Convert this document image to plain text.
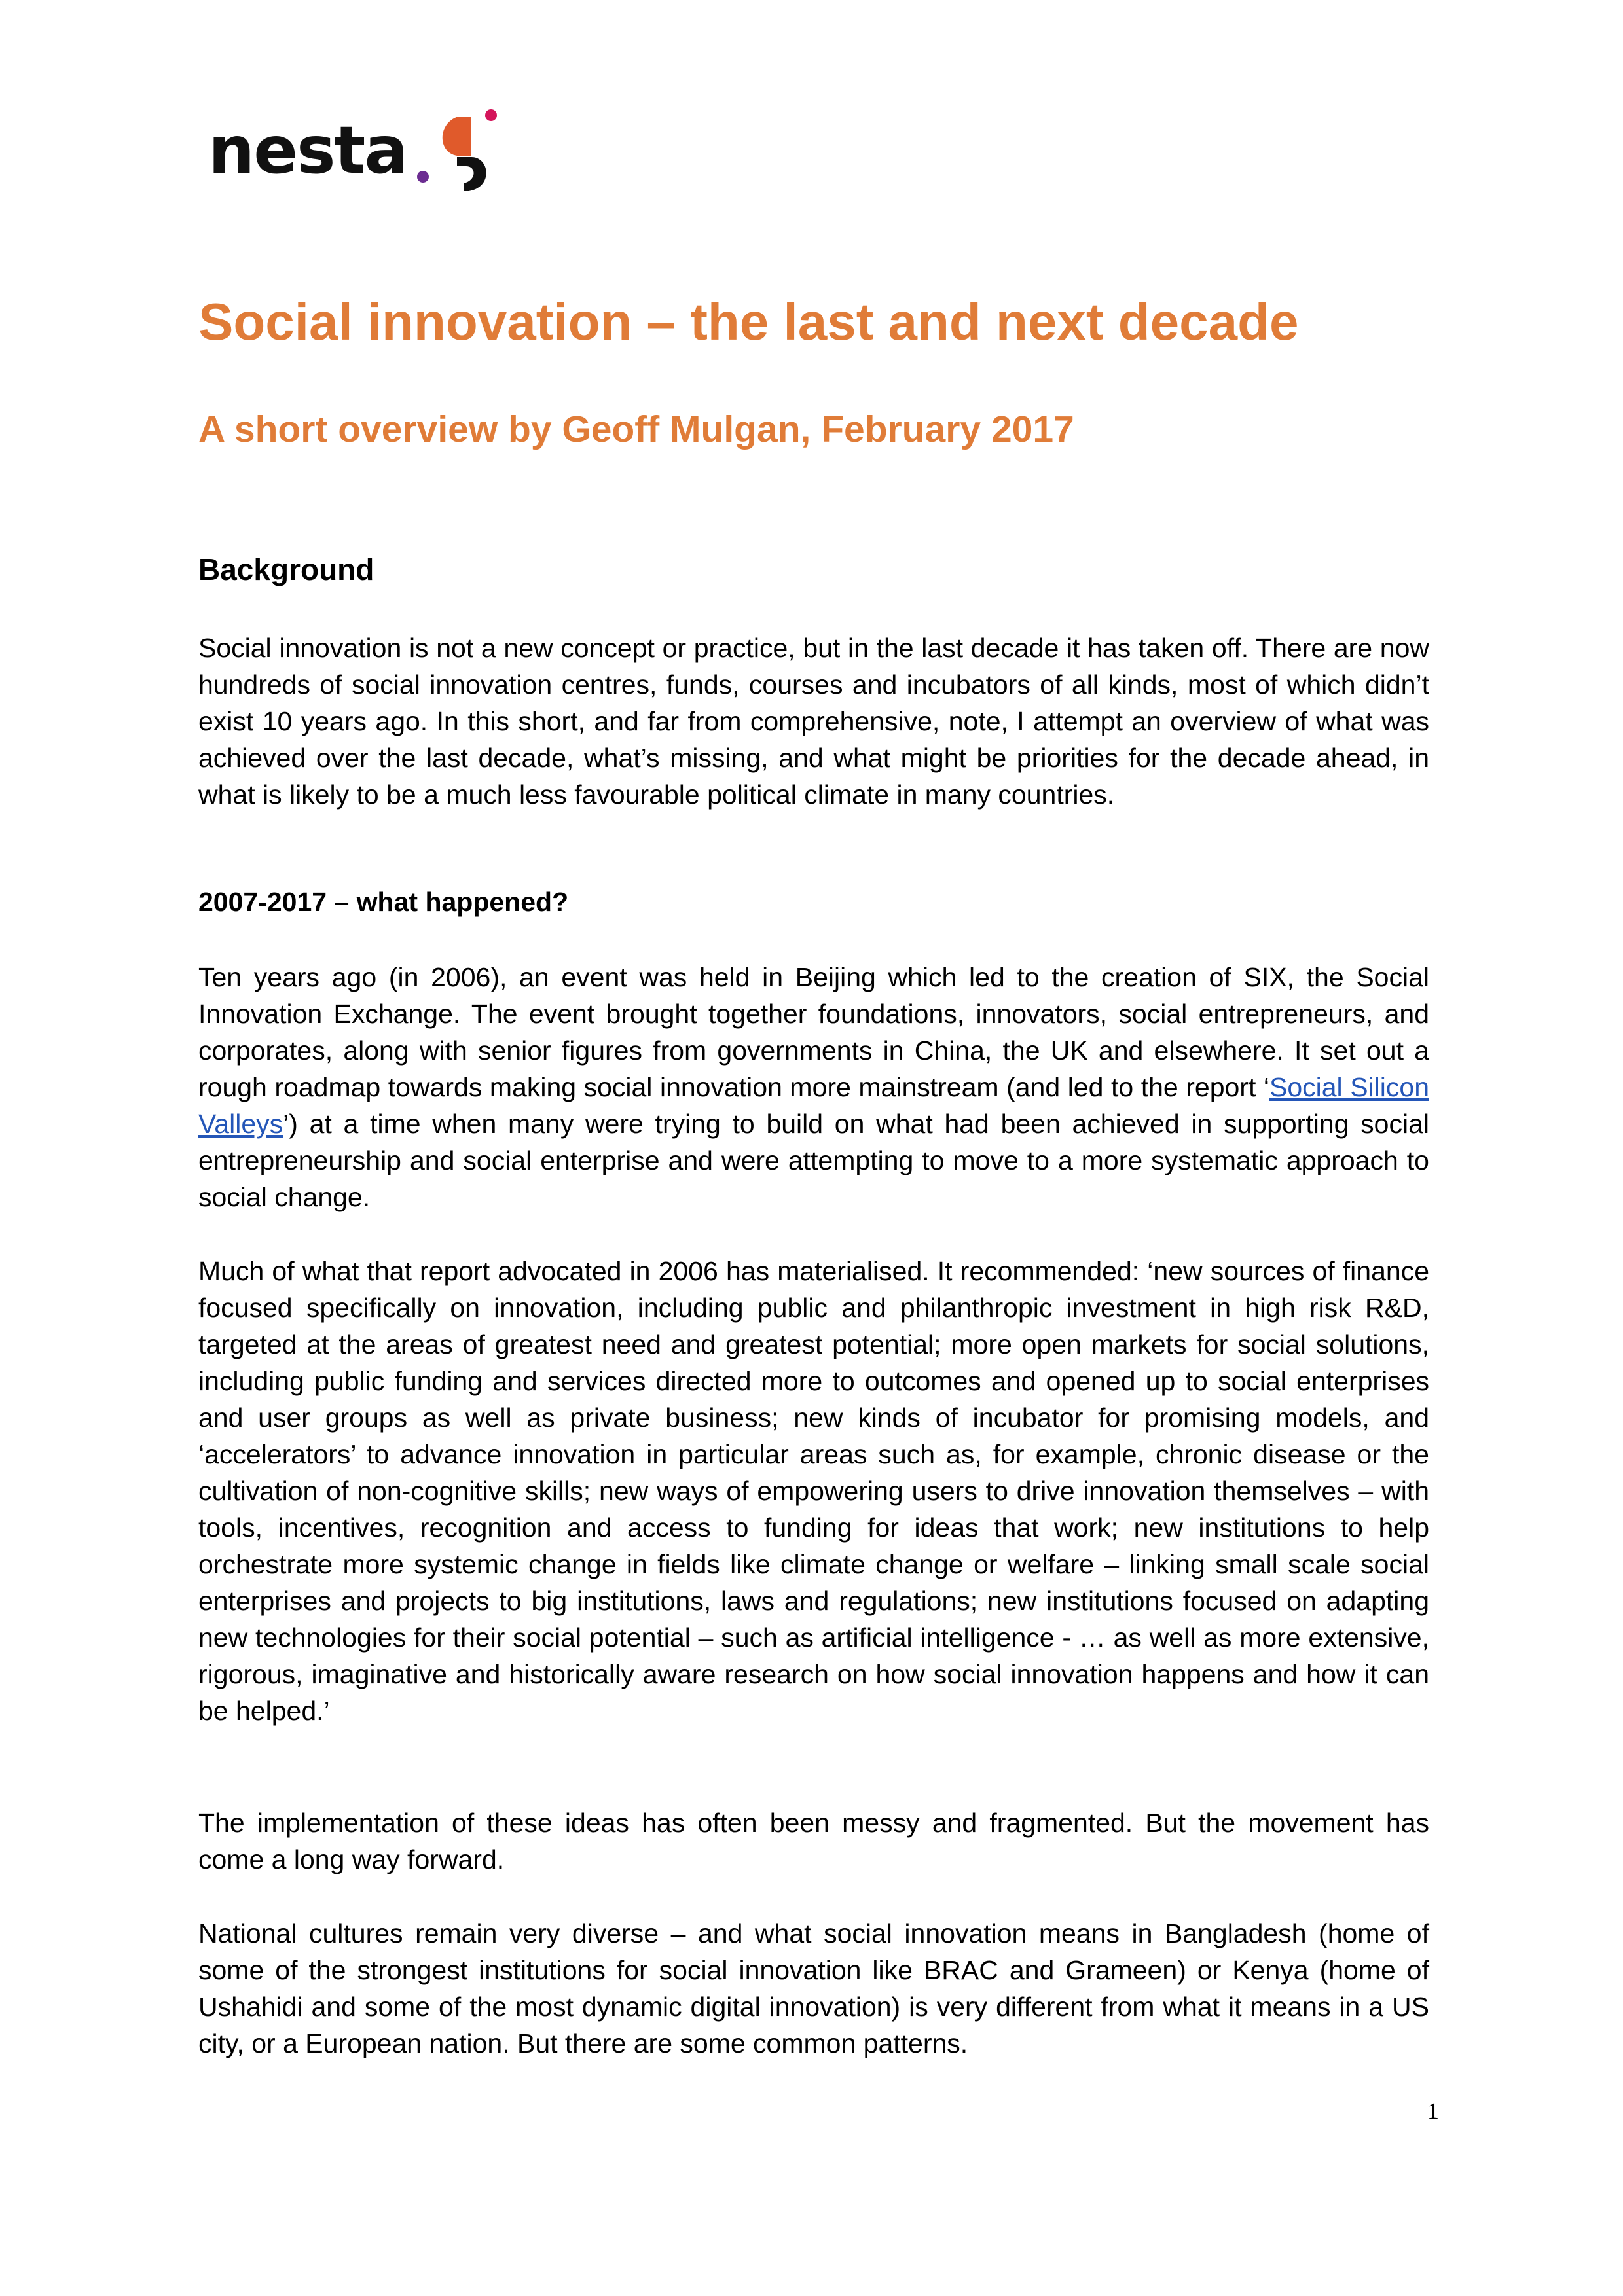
nesta
Social innovation – the last and next decade
A short overview by Geoff Mulgan, February 2017
Background

Social innovation is not a new concept or practice, but in the last decade it has taken off. There are now hundreds of social innovation centres, funds, courses and incubators of all kinds, most of which didn’t exist 10 years ago. In this short, and far from comprehensive, note, I attempt an overview of what was achieved over the last decade, what’s missing, and what might be priorities for the decade ahead, in what is likely to be a much less favourable political climate in many countries.

2007-2017 – what happened?

Ten years ago (in 2006), an event was held in Beijing which led to the creation of SIX, the Social Innovation Exchange. The event brought together foundations, innovators, social entrepreneurs, and corporates, along with senior figures from governments in China, the UK and elsewhere. It set out a rough roadmap towards making social innovation more mainstream (and led to the report ‘Social Silicon Valleys’) at a time when many were trying to build on what had been achieved in supporting social entrepreneurship and social enterprise and were attempting to move to a more systematic approach to social change.

Much of what that report advocated in 2006 has materialised. It recommended: ‘new sources of finance focused specifically on innovation, including public and philanthropic investment in high risk R&D, targeted at the areas of greatest need and greatest potential; more open markets for social solutions, including public funding and services directed more to outcomes and opened up to social enterprises and user groups as well as private business; new kinds of incubator for promising models, and ‘accelerators’ to advance innovation in particular areas such as, for example, chronic disease or the cultivation of non-cognitive skills; new ways of empowering users to drive innovation themselves – with tools, incentives, recognition and access to funding for ideas that work; new institutions to help orchestrate more systemic change in fields like climate change or welfare – linking small scale social enterprises and projects to big institutions, laws and regulations; new institutions focused on adapting new technologies for their social potential – such as artificial intelligence - … as well as more extensive, rigorous, imaginative and historically aware research on how social innovation happens and how it can be helped.’

The implementation of these ideas has often been messy and fragmented. But the movement has come a long way forward.

National cultures remain very diverse – and what social innovation means in Bangladesh (home of some of the strongest institutions for social innovation like BRAC and Grameen) or Kenya (home of Ushahidi and some of the most dynamic digital innovation) is very different from what it means in a US city, or a European nation. But there are some common patterns.

1
